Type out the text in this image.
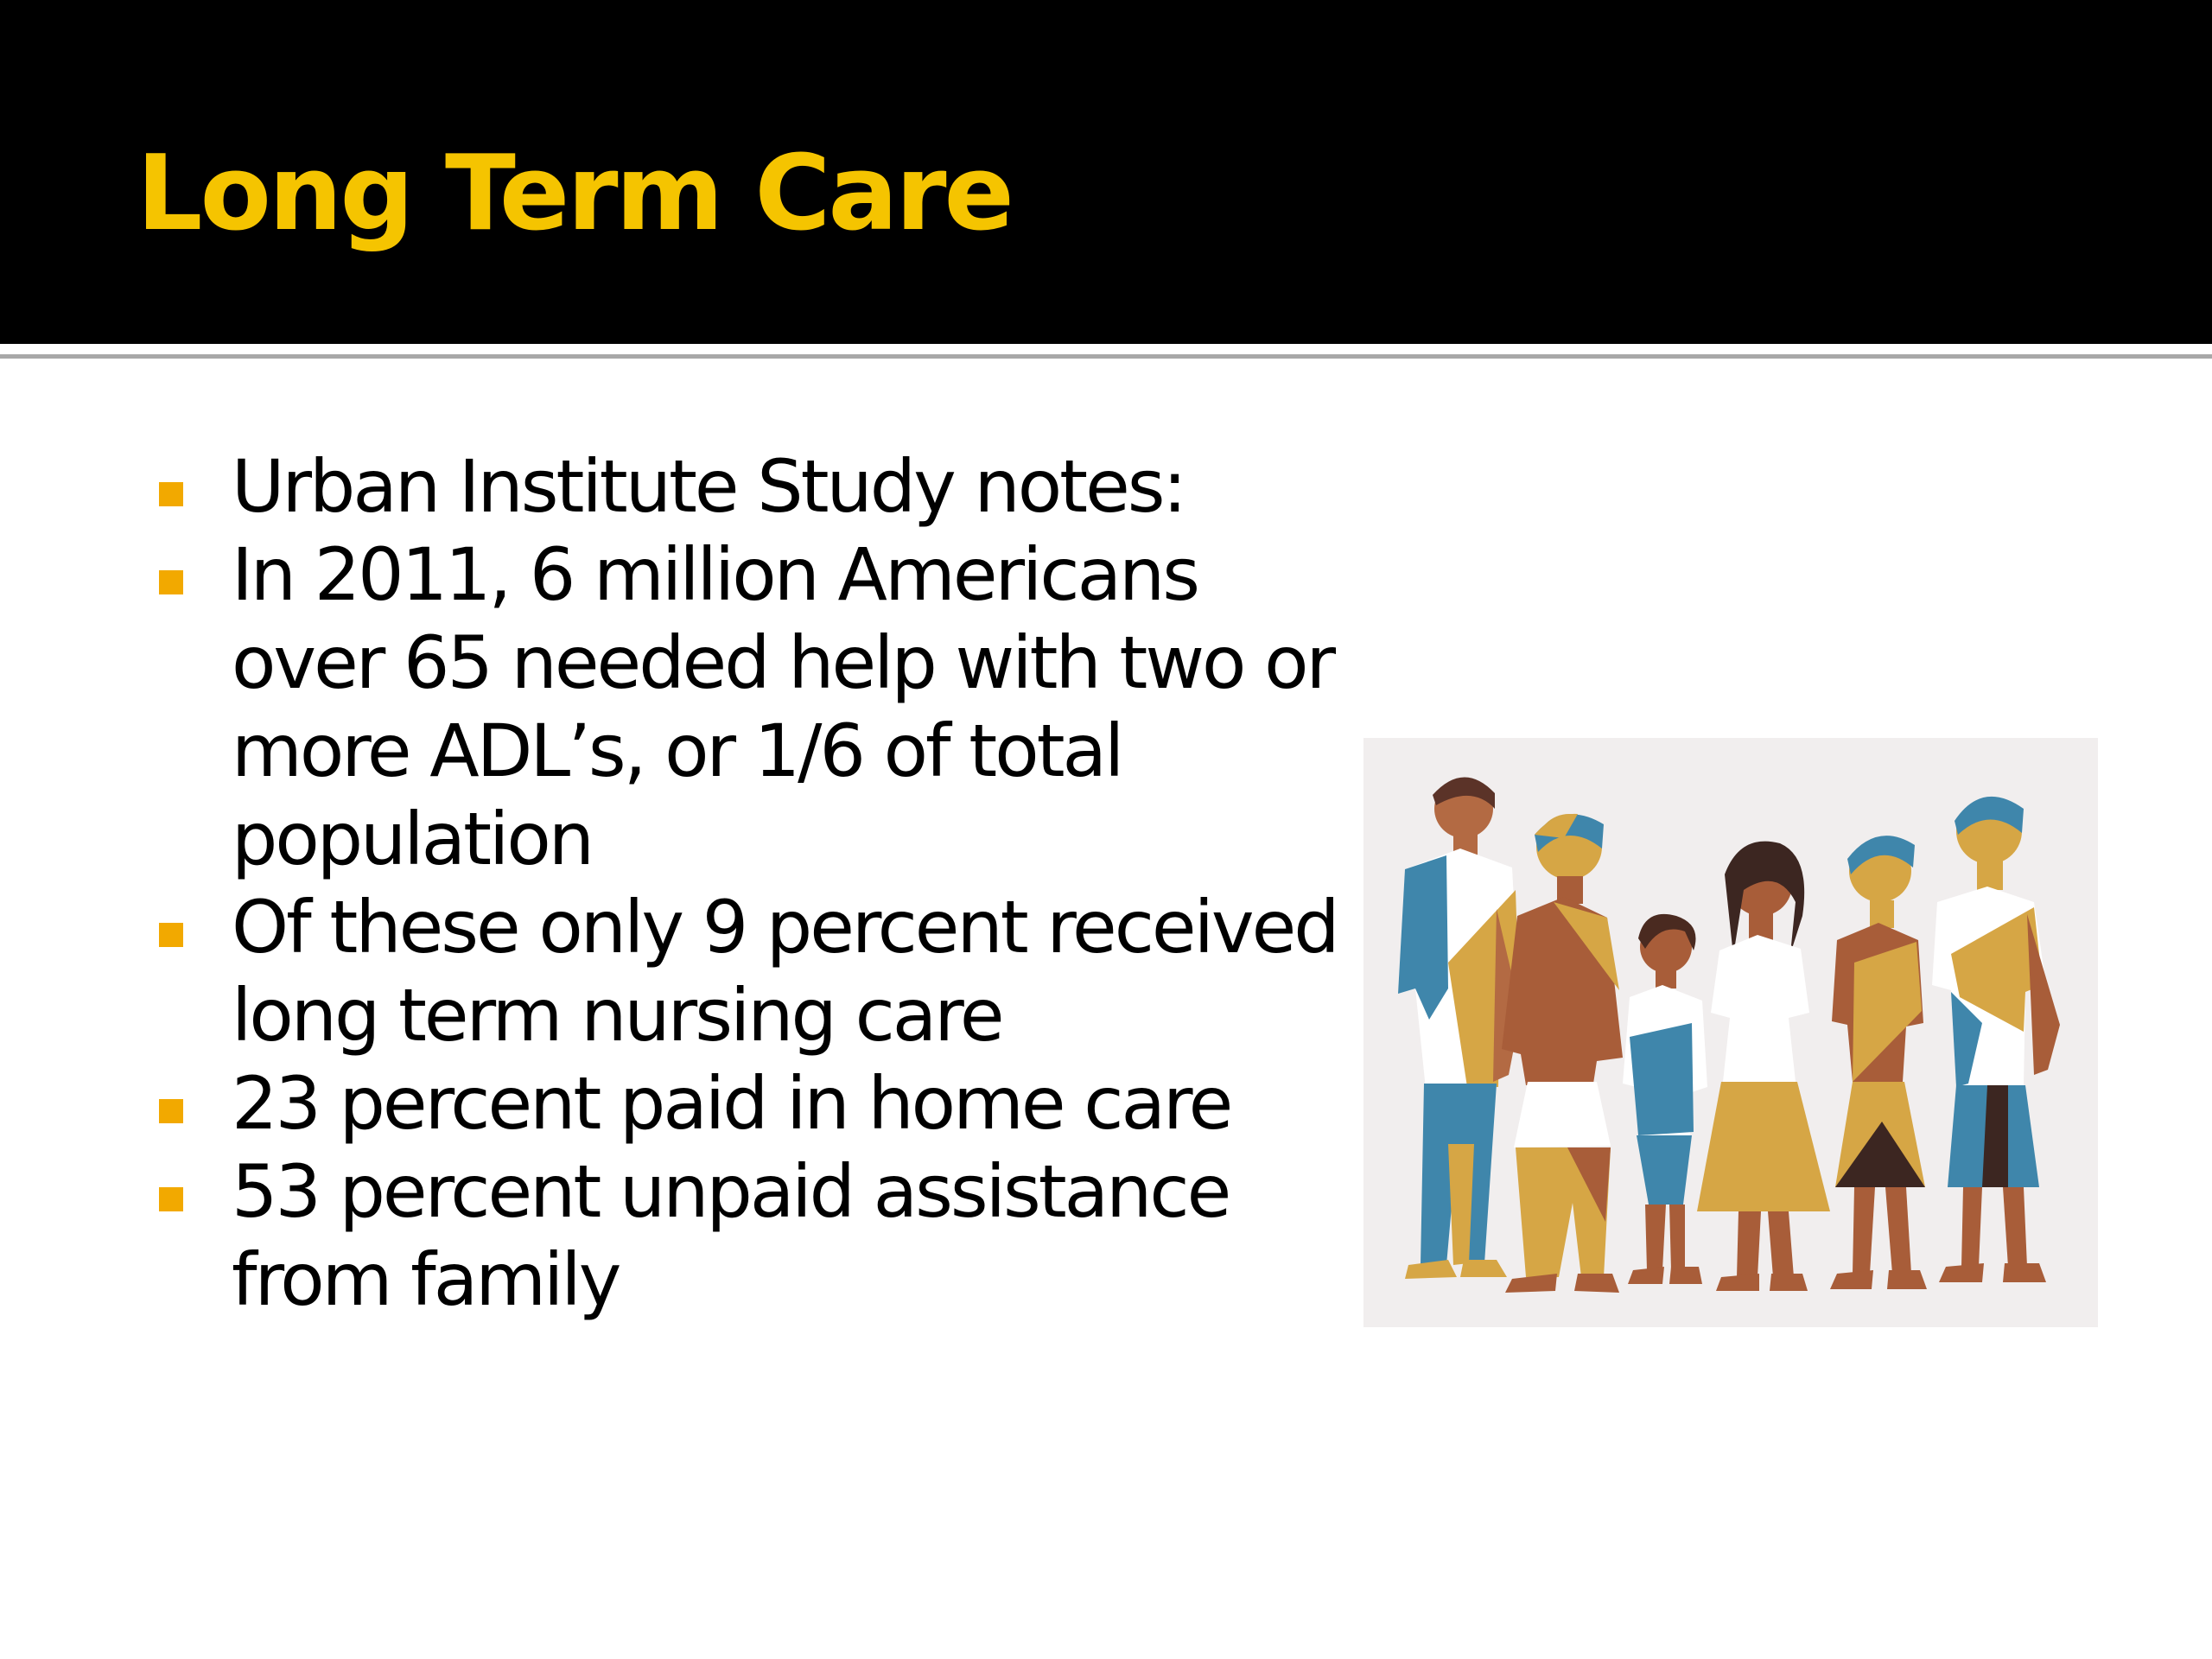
Long Term Care
Urban Institute Study notes:
In 2011, 6 million Americans over 65 needed help with two or more ADL’s, or 1/6 of total population
Of these only 9 percent received long term nursing care
23 percent paid in home care
53 percent unpaid assistance from family
